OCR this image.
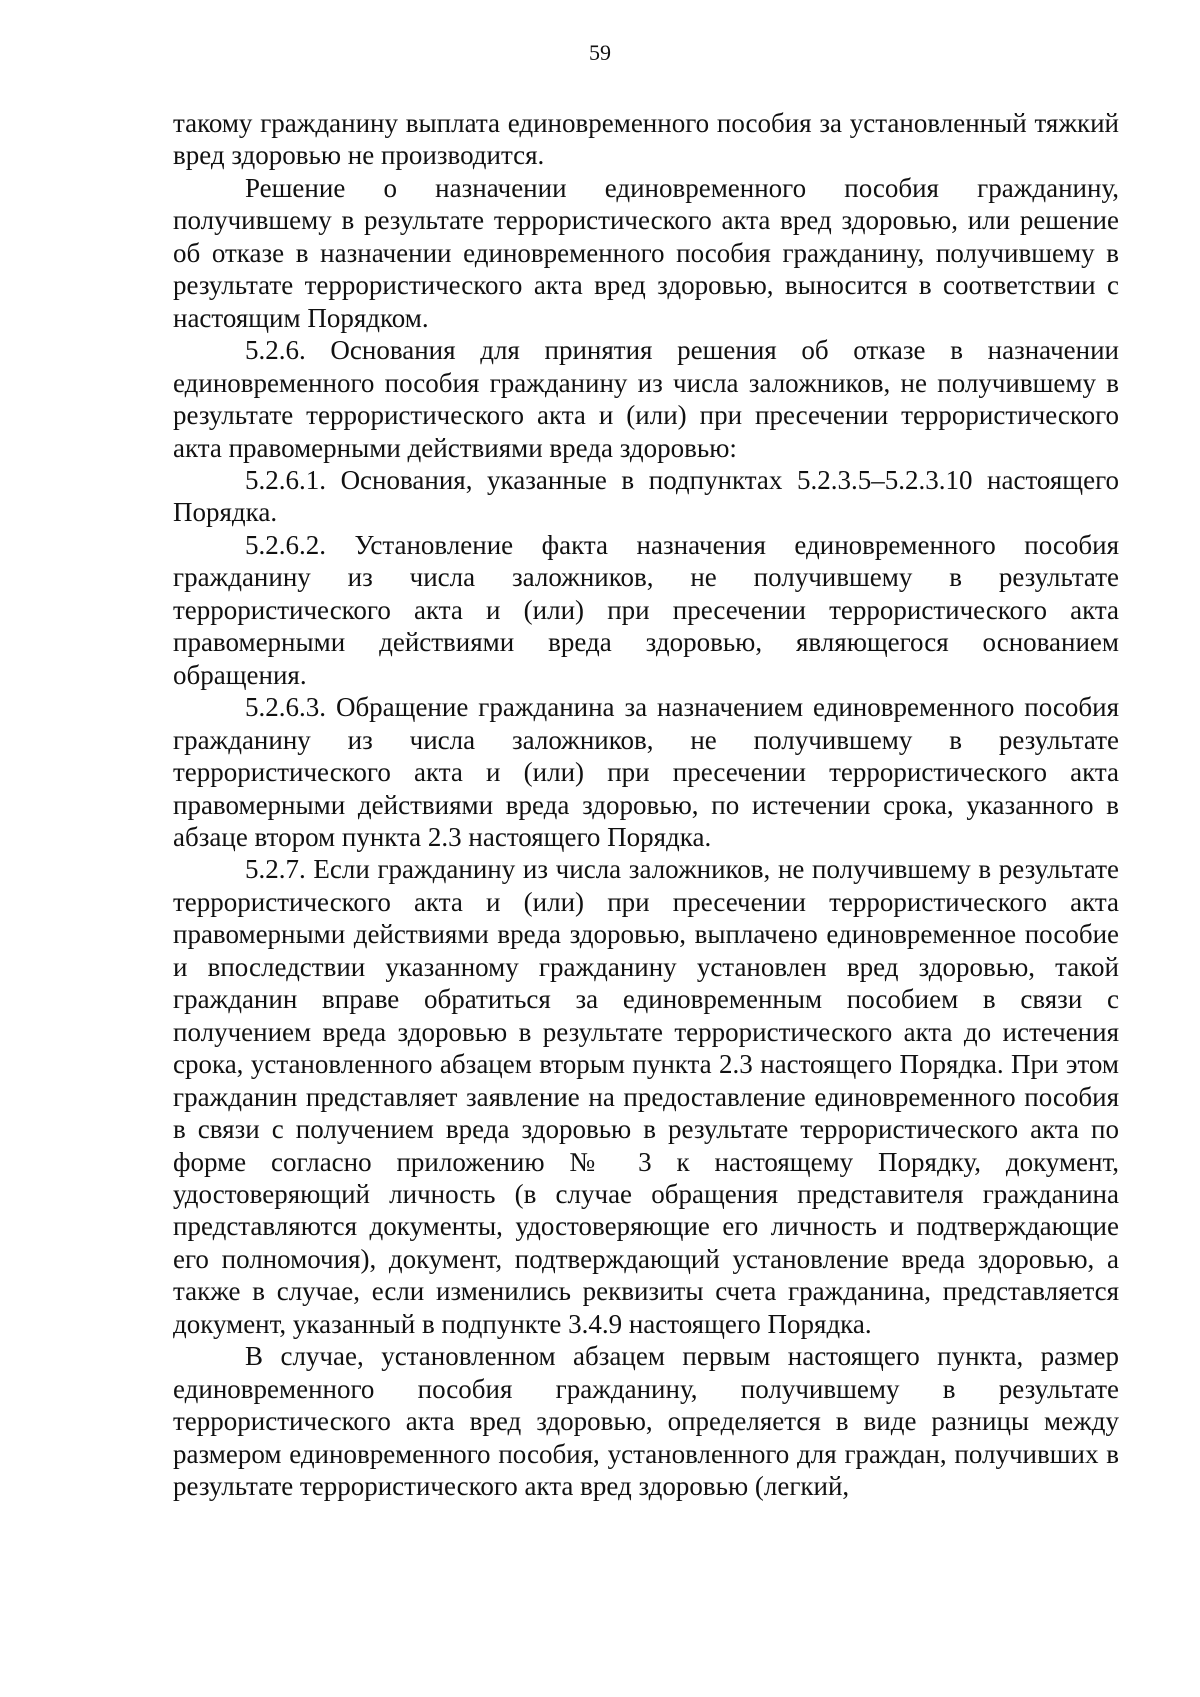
59

такому гражданину выплата единовременного пособия за установленный тяжкий вред здоровью не производится.

Решение о назначении единовременного пособия гражданину, получившему в результате террористического акта вред здоровью, или решение об отказе в назначении единовременного пособия гражданину, получившему в результате террористического акта вред здоровью, выносится в соответствии с настоящим Порядком.

5.2.6. Основания для принятия решения об отказе в назначении единовременного пособия гражданину из числа заложников, не получившему в результате террористического акта и (или) при пресечении террористического акта правомерными действиями вреда здоровью:

5.2.6.1. Основания, указанные в подпунктах 5.2.3.5–5.2.3.10 настоящего Порядка.

5.2.6.2. Установление факта назначения единовременного пособия гражданину из числа заложников, не получившему в результате террористического акта и (или) при пресечении террористического акта правомерными действиями вреда здоровью, являющегося основанием обращения.

5.2.6.3. Обращение гражданина за назначением единовременного пособия гражданину из числа заложников, не получившему в результате террористического акта и (или) при пресечении террористического акта правомерными действиями вреда здоровью, по истечении срока, указанного в абзаце втором пункта 2.3 настоящего Порядка.

5.2.7. Если гражданину из числа заложников, не получившему в результате террористического акта и (или) при пресечении террористического акта правомерными действиями вреда здоровью, выплачено единовременное пособие и впоследствии указанному гражданину установлен вред здоровью, такой гражданин вправе обратиться за единовременным пособием в связи с получением вреда здоровью в результате террористического акта до истечения срока, установленного абзацем вторым пункта 2.3 настоящего Порядка. При этом гражданин представляет заявление на предоставление единовременного пособия в связи с получением вреда здоровью в результате террористического акта по форме согласно приложению № 3 к настоящему Порядку, документ, удостоверяющий личность (в случае обращения представителя гражданина представляются документы, удостоверяющие его личность и подтверждающие его полномочия), документ, подтверждающий установление вреда здоровью, а также в случае, если изменились реквизиты счета гражданина, представляется документ, указанный в подпункте 3.4.9 настоящего Порядка.

В случае, установленном абзацем первым настоящего пункта, размер единовременного пособия гражданину, получившему в результате террористического акта вред здоровью, определяется в виде разницы между размером единовременного пособия, установленного для граждан, получивших в результате террористического акта вред здоровью (легкий,
